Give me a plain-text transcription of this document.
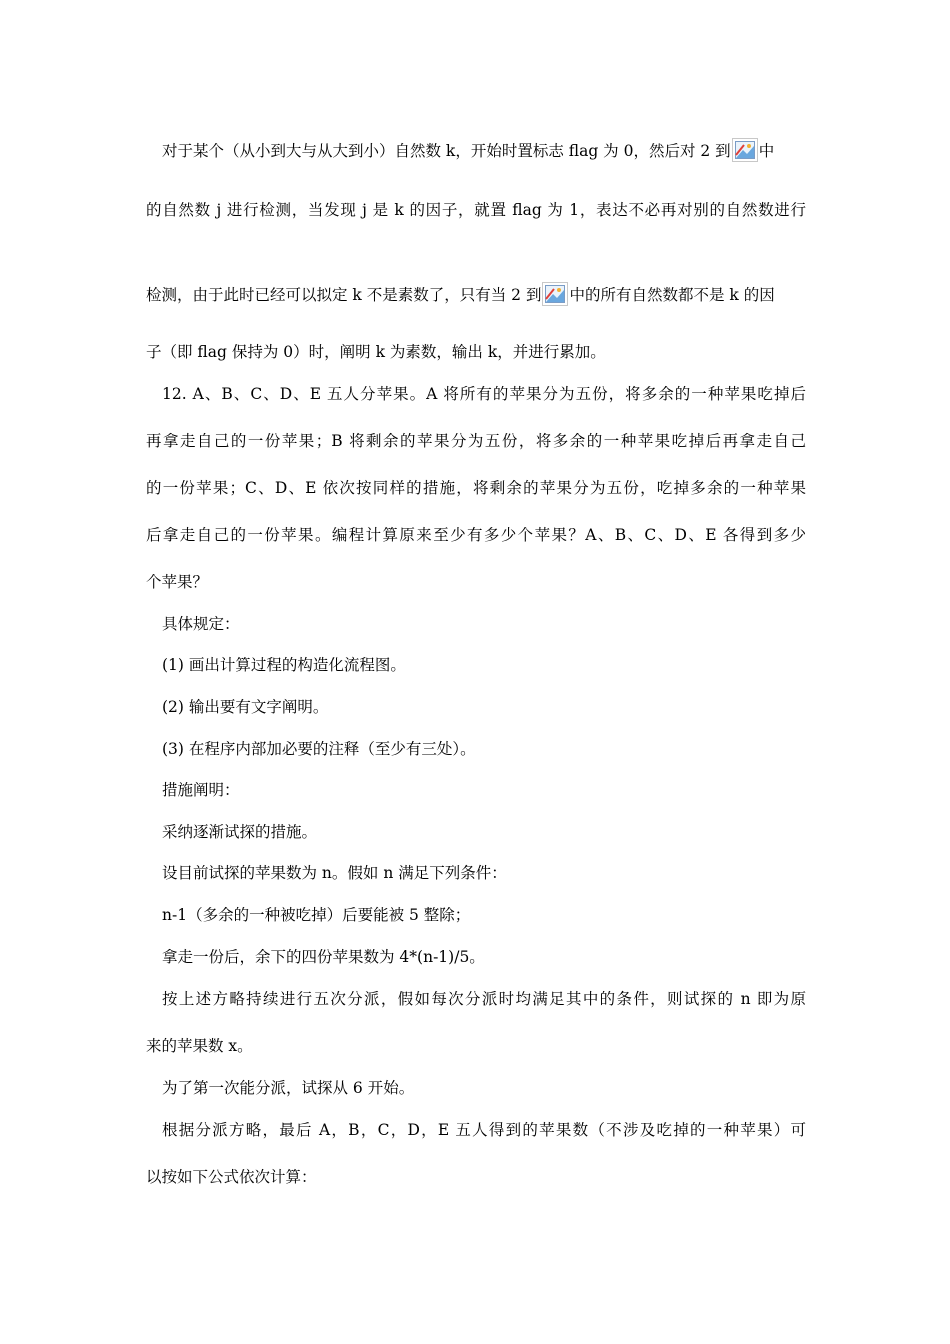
对于某个（从小到大与从大到小）自然数 k，开始时置标志 flag 为 0，然后对 2 到 中
的自然数 j 进行检测，当发现 j 是 k 的因子，就置 flag 为 1，表达不必再对别的自然数进行
检测，由于此时已经可以拟定 k 不是素数了，只有当 2 到 中的所有自然数都不是 k 的因
子（即 flag 保持为 0）时，阐明 k 为素数，输出 k，并进行累加。
12. A、B、C、D、E 五人分苹果。A 将所有的苹果分为五份，将多余的一种苹果吃掉后
再拿走自己的一份苹果；B 将剩余的苹果分为五份，将多余的一种苹果吃掉后再拿走自己
的一份苹果；C、D、E 依次按同样的措施，将剩余的苹果分为五份，吃掉多余的一种苹果
后拿走自己的一份苹果。编程计算原来至少有多少个苹果？A、B、C、D、E 各得到多少
个苹果？
具体规定：
(1) 画出计算过程的构造化流程图。
(2) 输出要有文字阐明。
(3) 在程序内部加必要的注释（至少有三处）。
措施阐明：
采纳逐渐试探的措施。
设目前试探的苹果数为 n。假如 n 满足下列条件：
n-1（多余的一种被吃掉）后要能被 5 整除；
拿走一份后，余下的四份苹果数为 4*(n-1)/5。
按上述方略持续进行五次分派，假如每次分派时均满足其中的条件，则试探的 n 即为原
来的苹果数 x。
为了第一次能分派，试探从 6 开始。
根据分派方略，最后 A，B，C，D，E 五人得到的苹果数（不涉及吃掉的一种苹果）可
以按如下公式依次计算：
